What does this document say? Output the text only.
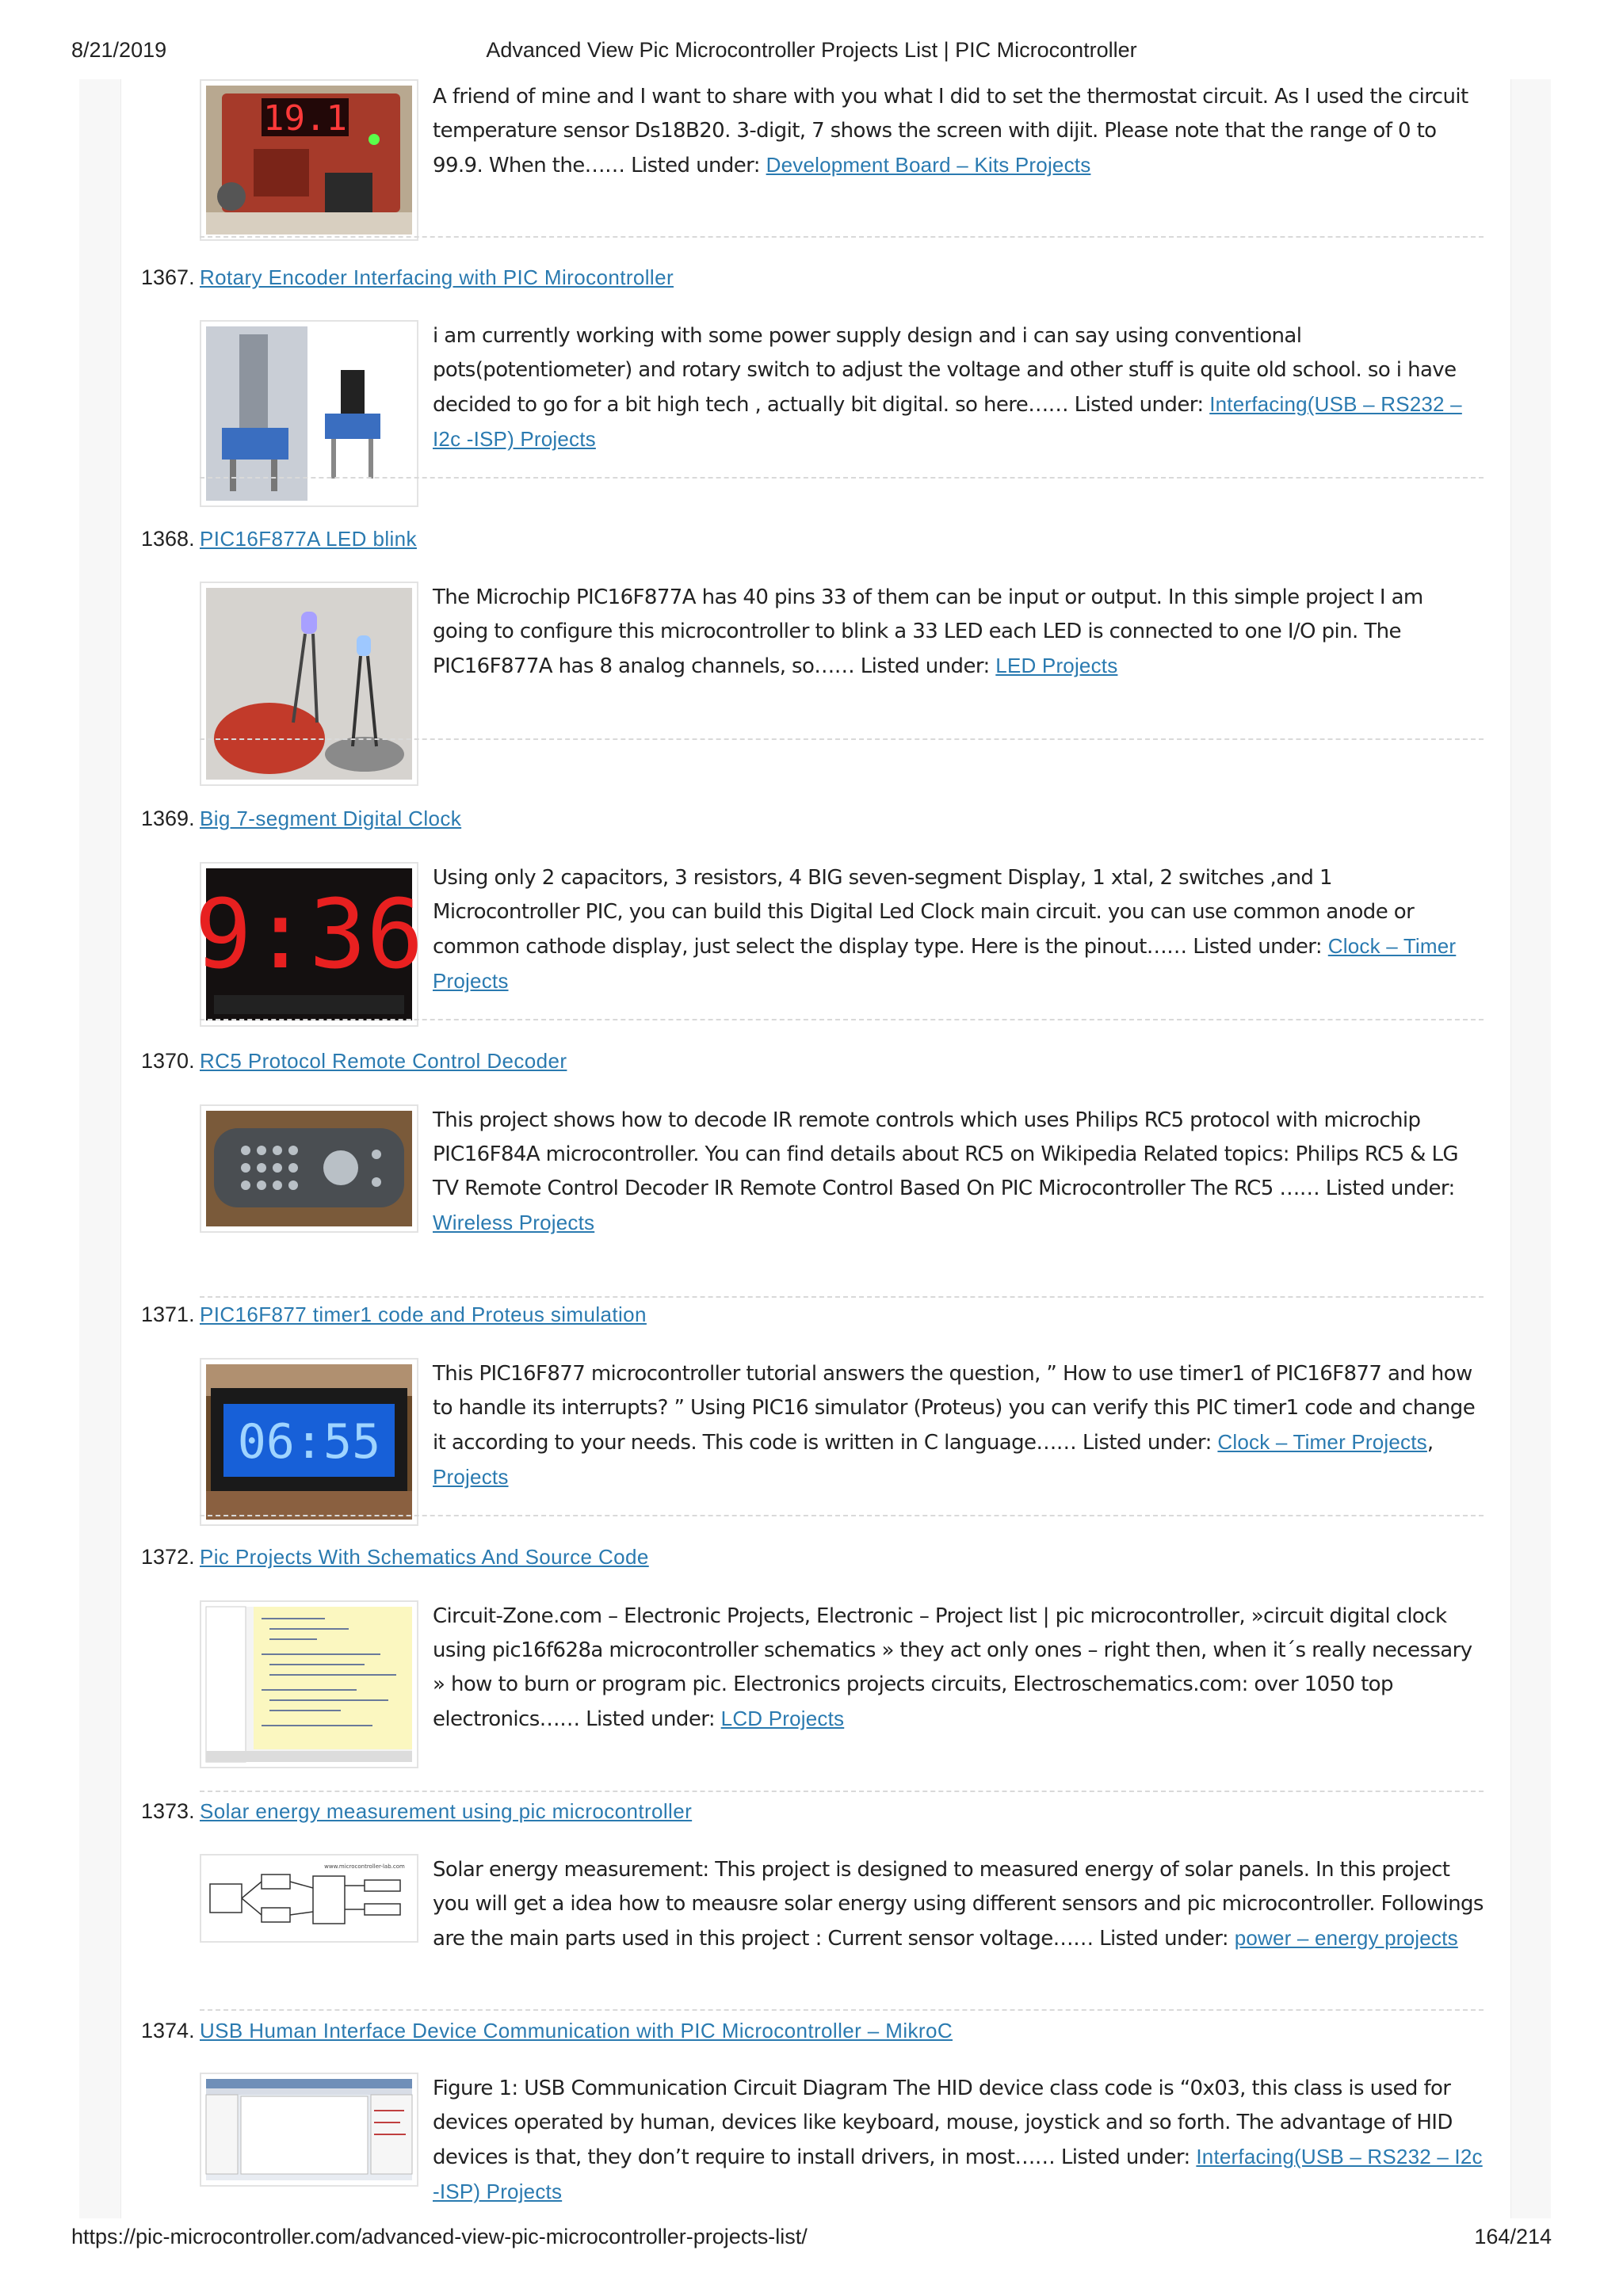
8/21/2019	Advanced View Pic Microcontroller Projects List | PIC Microcontroller
19.1
A friend of mine and I want to share with you what I did to set the thermostat circuit. As I used the circuit temperature sensor Ds18B20. 3-digit, 7 shows the screen with dijit. Please note that the range of 0 to 99.9. When the…… Listed under: Development Board – Kits Projects
1367. Rotary Encoder Interfacing with PIC Mirocontroller
i am currently working with some power supply design and i can say using conventional pots(potentiometer) and rotary switch to adjust the voltage and other stuff is quite old school. so i have decided to go for a bit high tech , actually bit digital. so here…… Listed under: Interfacing(USB – RS232 – I2c -ISP) Projects
1368. PIC16F877A LED blink
The Microchip PIC16F877A has 40 pins 33 of them can be input or output. In this simple project I am going to configure this microcontroller to blink a 33 LED each LED is connected to one I/O pin. The PIC16F877A has 8 analog channels, so…… Listed under: LED Projects
1369. Big 7-segment Digital Clock
9:36
Using only 2 capacitors, 3 resistors, 4 BIG seven-segment Display, 1 xtal, 2 switches ,and 1 Microcontroller PIC, you can build this Digital Led Clock main circuit. you can use common anode or common cathode display, just select the display type. Here is the pinout…… Listed under: Clock – Timer Projects
1370. RC5 Protocol Remote Control Decoder
This project shows how to decode IR remote controls which uses Philips RC5 protocol with microchip PIC16F84A microcontroller. You can find details about RC5 on Wikipedia Related topics: Philips RC5 & LG TV Remote Control Decoder IR Remote Control Based On PIC Microcontroller The RC5 …… Listed under: Wireless Projects
1371. PIC16F877 timer1 code and Proteus simulation
06:55
This PIC16F877 microcontroller tutorial answers the question, ” How to use timer1 of PIC16F877 and how to handle its interrupts? ” Using PIC16 simulator (Proteus) you can verify this PIC timer1 code and change it according to your needs. This code is written in C language…… Listed under: Clock – Timer Projects, Projects
1372. Pic Projects With Schematics And Source Code
Circuit-Zone.com – Electronic Projects, Electronic – Project list | pic microcontroller, »circuit digital clock using pic16f628a microcontroller schematics » they act only ones – right then, when it´s really necessary » how to burn or program pic. Electronics projects circuits, Electroschematics.com: over 1050 top electronics…… Listed under: LCD Projects
1373. Solar energy measurement using pic microcontroller
www.microcontroller-lab.com Solar energy measurement: This project is designed to measured energy of solar panels. In this project you will get a idea how to meausre solar energy using different sensors and pic microcontroller. Followings are the main parts used in this project : Current sensor voltage…… Listed under: power – energy projects
1374. USB Human Interface Device Communication with PIC Microcontroller – MikroC
Figure 1: USB Communication Circuit Diagram The HID device class code is “0x03, this class is used for devices operated by human, devices like keyboard, mouse, joystick and so forth. The advantage of HID devices is that, they don’t require to install drivers, in most…… Listed under: Interfacing(USB – RS232 – I2c -ISP) Projects
https://pic-microcontroller.com/advanced-view-pic-microcontroller-projects-list/	164/214
